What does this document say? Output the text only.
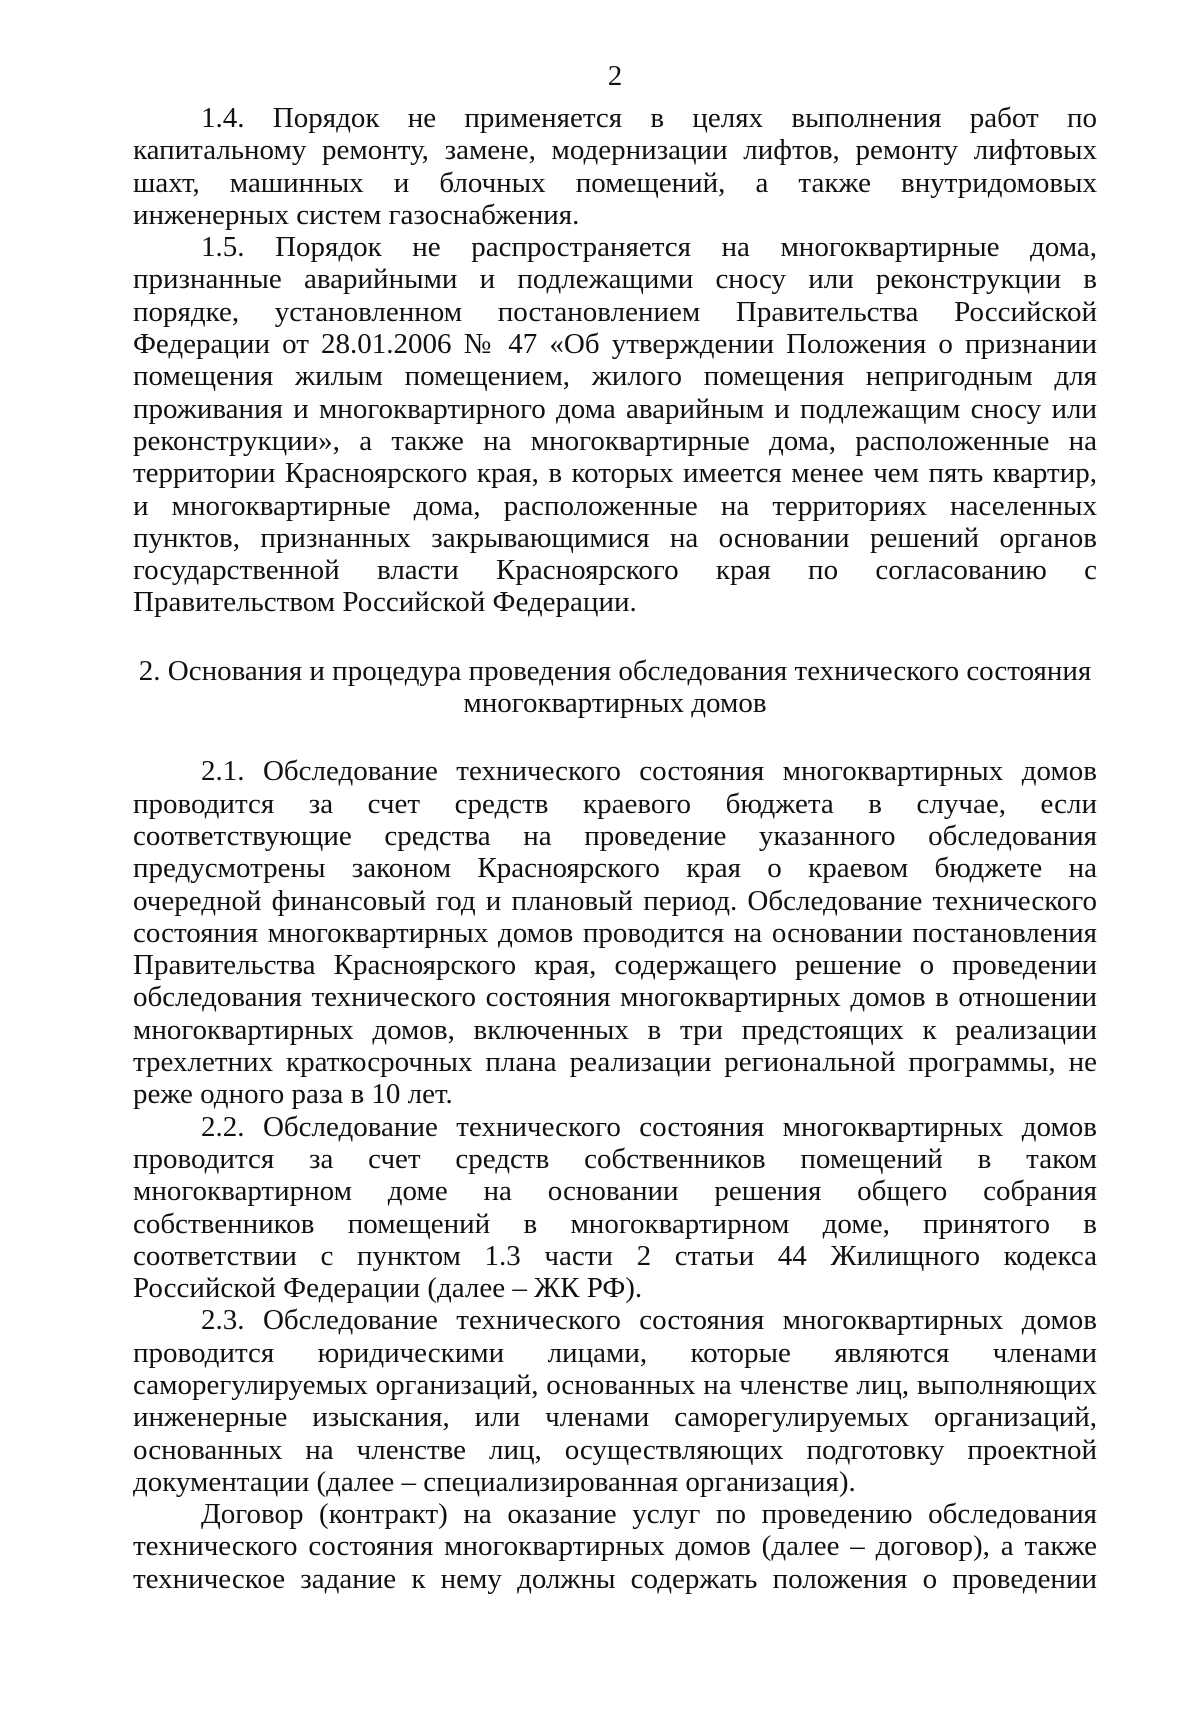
2

1.4. Порядок не применяется в целях выполнения работ по капитальному ремонту, замене, модернизации лифтов, ремонту лифтовых шахт, машинных и блочных помещений, а также внутридомовых инженерных систем газоснабжения.

1.5. Порядок не распространяется на многоквартирные дома, признанные аварийными и подлежащими сносу или реконструкции в порядке, установленном постановлением Правительства Российской Федерации от 28.01.2006 № 47 «Об утверждении Положения о признании помещения жилым помещением, жилого помещения непригодным для проживания и многоквартирного дома аварийным и подлежащим сносу или реконструкции», а также на многоквартирные дома, расположенные на территории Красноярского края, в которых имеется менее чем пять квартир, и многоквартирные дома, расположенные на территориях населенных пунктов, признанных закрывающимися на основании решений органов государственной власти Красноярского края по согласованию с Правительством Российской Федерации.

2. Основания и процедура проведения обследования технического состояния
многоквартирных домов

2.1. Обследование технического состояния многоквартирных домов проводится за счет средств краевого бюджета в случае, если соответствующие средства на проведение указанного обследования предусмотрены законом Красноярского края о краевом бюджете на очередной финансовый год и плановый период. Обследование технического состояния многоквартирных домов проводится на основании постановления Правительства Красноярского края, содержащего решение о проведении обследования технического состояния многоквартирных домов в отношении многоквартирных домов, включенных в три предстоящих к реализации трехлетних краткосрочных плана реализации региональной программы, не реже одного раза в 10 лет.

2.2. Обследование технического состояния многоквартирных домов проводится за счет средств собственников помещений в таком многоквартирном доме на основании решения общего собрания собственников помещений в многоквартирном доме, принятого в соответствии с пунктом 1.3 части 2 статьи 44 Жилищного кодекса Российской Федерации (далее – ЖК РФ).

2.3. Обследование технического состояния многоквартирных домов проводится юридическими лицами, которые являются членами саморегулируемых организаций, основанных на членстве лиц, выполняющих инженерные изыскания, или членами саморегулируемых организаций, основанных на членстве лиц, осуществляющих подготовку проектной документации (далее – специализированная организация).

Договор (контракт) на оказание услуг по проведению обследования технического состояния многоквартирных домов (далее – договор), а также техническое задание к нему должны содержать положения о проведении
